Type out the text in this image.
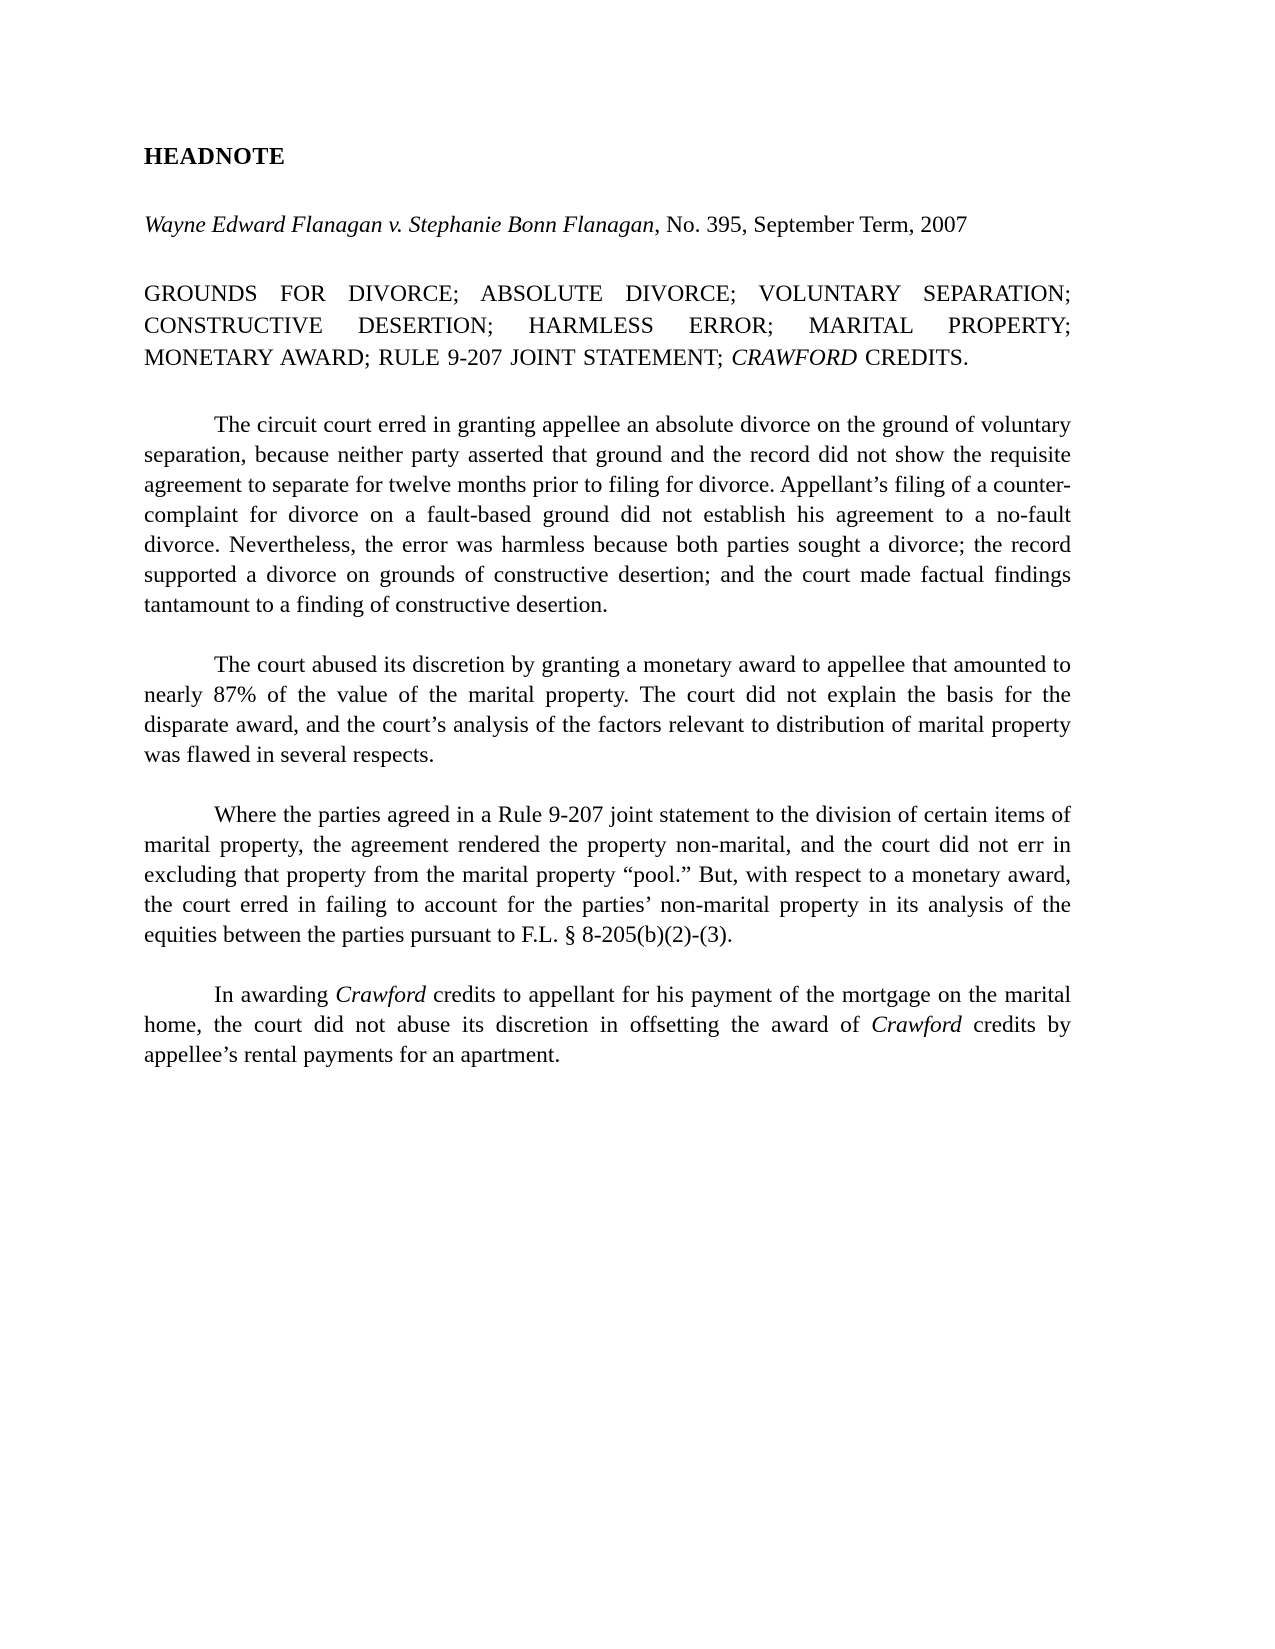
HEADNOTE

Wayne Edward Flanagan v. Stephanie Bonn Flanagan, No. 395, September Term, 2007

GROUNDS FOR DIVORCE; ABSOLUTE DIVORCE; VOLUNTARY SEPARATION; CONSTRUCTIVE DESERTION; HARMLESS ERROR; MARITAL PROPERTY; MONETARY AWARD; RULE 9-207 JOINT STATEMENT; CRAWFORD CREDITS.

The circuit court erred in granting appellee an absolute divorce on the ground of voluntary separation, because neither party asserted that ground and the record did not show the requisite agreement to separate for twelve months prior to filing for divorce. Appellant’s filing of a counter-complaint for divorce on a fault-based ground did not establish his agreement to a no-fault divorce. Nevertheless, the error was harmless because both parties sought a divorce; the record supported a divorce on grounds of constructive desertion; and the court made factual findings tantamount to a finding of constructive desertion.

The court abused its discretion by granting a monetary award to appellee that amounted to nearly 87% of the value of the marital property. The court did not explain the basis for the disparate award, and the court’s analysis of the factors relevant to distribution of marital property was flawed in several respects.

Where the parties agreed in a Rule 9-207 joint statement to the division of certain items of marital property, the agreement rendered the property non-marital, and the court did not err in excluding that property from the marital property “pool.” But, with respect to a monetary award, the court erred in failing to account for the parties’ non-marital property in its analysis of the equities between the parties pursuant to F.L. § 8-205(b)(2)-(3).

In awarding Crawford credits to appellant for his payment of the mortgage on the marital home, the court did not abuse its discretion in offsetting the award of Crawford credits by appellee’s rental payments for an apartment.
